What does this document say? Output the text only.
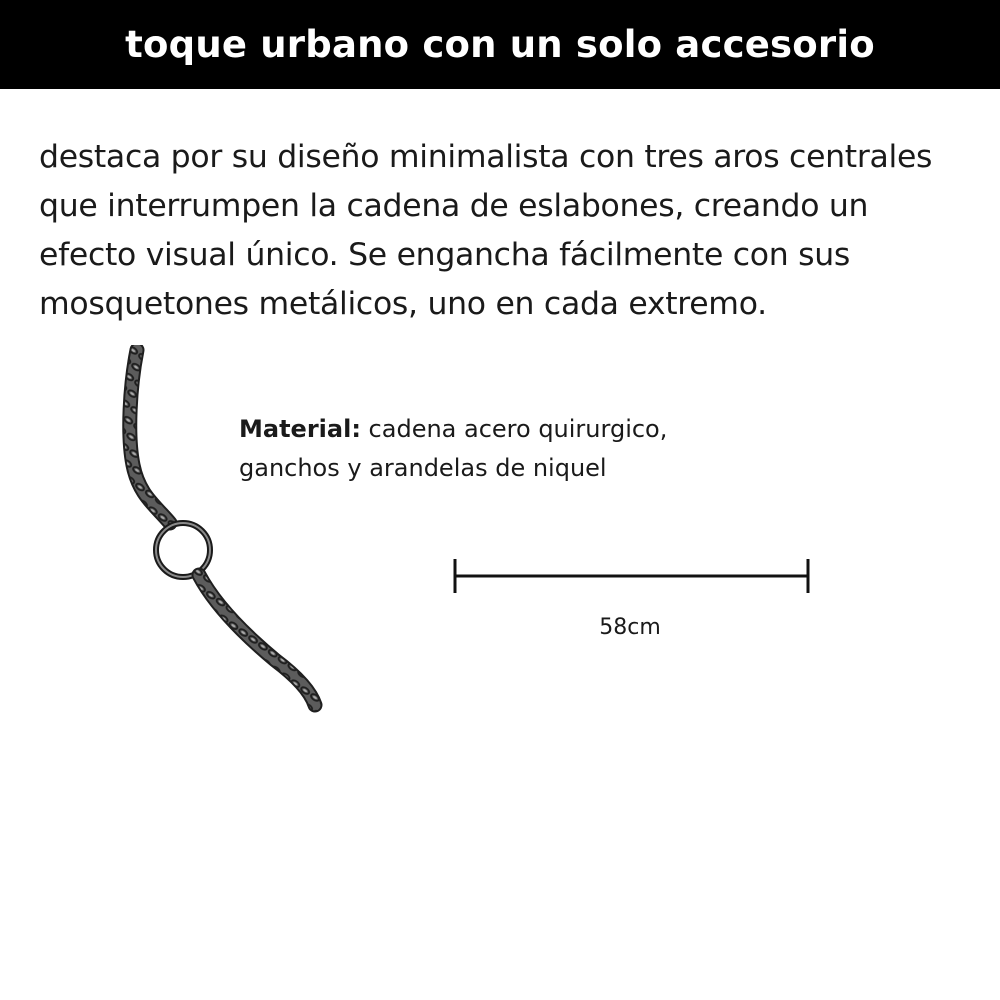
toque urbano con un solo accesorio

destaca por su diseño minimalista con tres aros centrales
que interrumpen la cadena de eslabones, creando un
efecto visual único. Se engancha fácilmente con sus
mosquetones metálicos, uno en cada extremo.

Material: cadena acero quirurgico,
ganchos y arandelas de niquel

58cm
